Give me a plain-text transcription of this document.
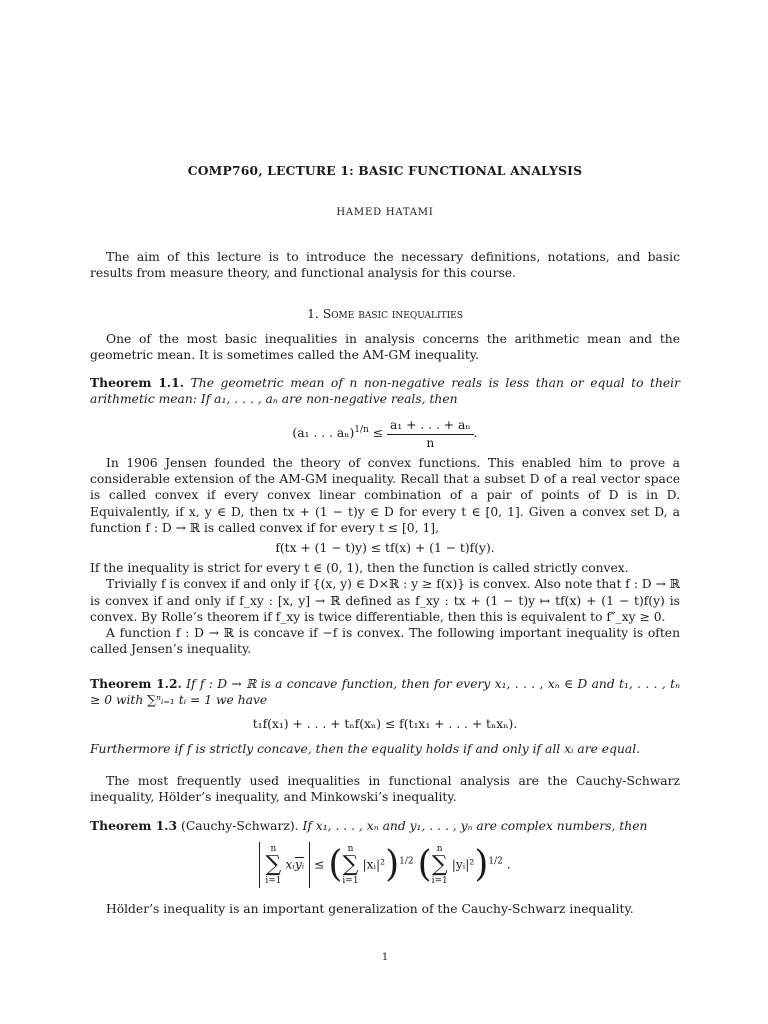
COMP760, LECTURE 1: BASIC FUNCTIONAL ANALYSIS
HAMED HATAMI

The aim of this lecture is to introduce the necessary definitions, notations, and basic results from measure theory, and functional analysis for this course.

1. Some basic inequalities

One of the most basic inequalities in analysis concerns the arithmetic mean and the geometric mean. It is sometimes called the AM-GM inequality.

Theorem 1.1. The geometric mean of n non-negative reals is less than or equal to their arithmetic mean: If a₁, . . . , aₙ are non-negative reals, then

(a₁ . . . $a_n)^{1/n} \le \frac{\text{a₁ + . . . + aₙ}}{n}$ .

In 1906 Jensen founded the theory of convex functions. This enabled him to prove a considerable extension of the AM-GM inequality. Recall that a subset D of a real vector space is called convex if every convex linear combination of a pair of points of D is in D. Equivalently, if x, y ∈ D, then tx + (1 − t)y ∈ D for every t ∈ [0, 1]. Given a convex set D, a function f : D → ℝ is called convex if for every t ≤ [0, 1],

f(tx + (1 − t)y) ≤ tf(x) + (1 − t)f(y).

If the inequality is strict for every t ∈ (0, 1), then the function is called strictly convex.

Trivially f is convex if and only if {(x, y) ∈ D×ℝ : y ≥ f(x)} is convex. Also note that f : D → ℝ is convex if and only if f_xy : [x, y] → ℝ defined as f_xy : tx + (1 − t)y ↦ tf(x) + (1 − t)f(y) is convex. By Rolle’s theorem if f_xy is twice differentiable, then this is equivalent to f″_xy ≥ 0.

A function f : D → ℝ is concave if −f is convex. The following important inequality is often called Jensen’s inequality.

Theorem 1.2. If f : D → ℝ is a concave function, then for every x₁, . . . , xₙ ∈ D and t₁, . . . , tₙ ≥ 0 with ∑ⁿᵢ₌₁ tᵢ = 1 we have

t₁f(x₁) + . . . + tₙf(xₙ) ≤ f(t₁x₁ + . . . + tₙxₙ).

Furthermore if f is strictly concave, then the equality holds if and only if all xᵢ are equal.

The most frequently used inequalities in functional analysis are the Cauchy-Schwarz inequality, Hölder’s inequality, and Minkowski’s inequality.

Theorem 1.3 (Cauchy-Schwarz). If x₁, . . . , xₙ and y₁, . . . , yₙ are complex numbers, then

n
∑
i=1 $xᵢ\overline{yᵢ}$ ≤ ( n
∑
i=1 |xᵢ|²)$^{1/2}$ ( n
∑
i=1 |yᵢ|²)$^{1/2}$ .

Hölder’s inequality is an important generalization of the Cauchy-Schwarz inequality.

1
